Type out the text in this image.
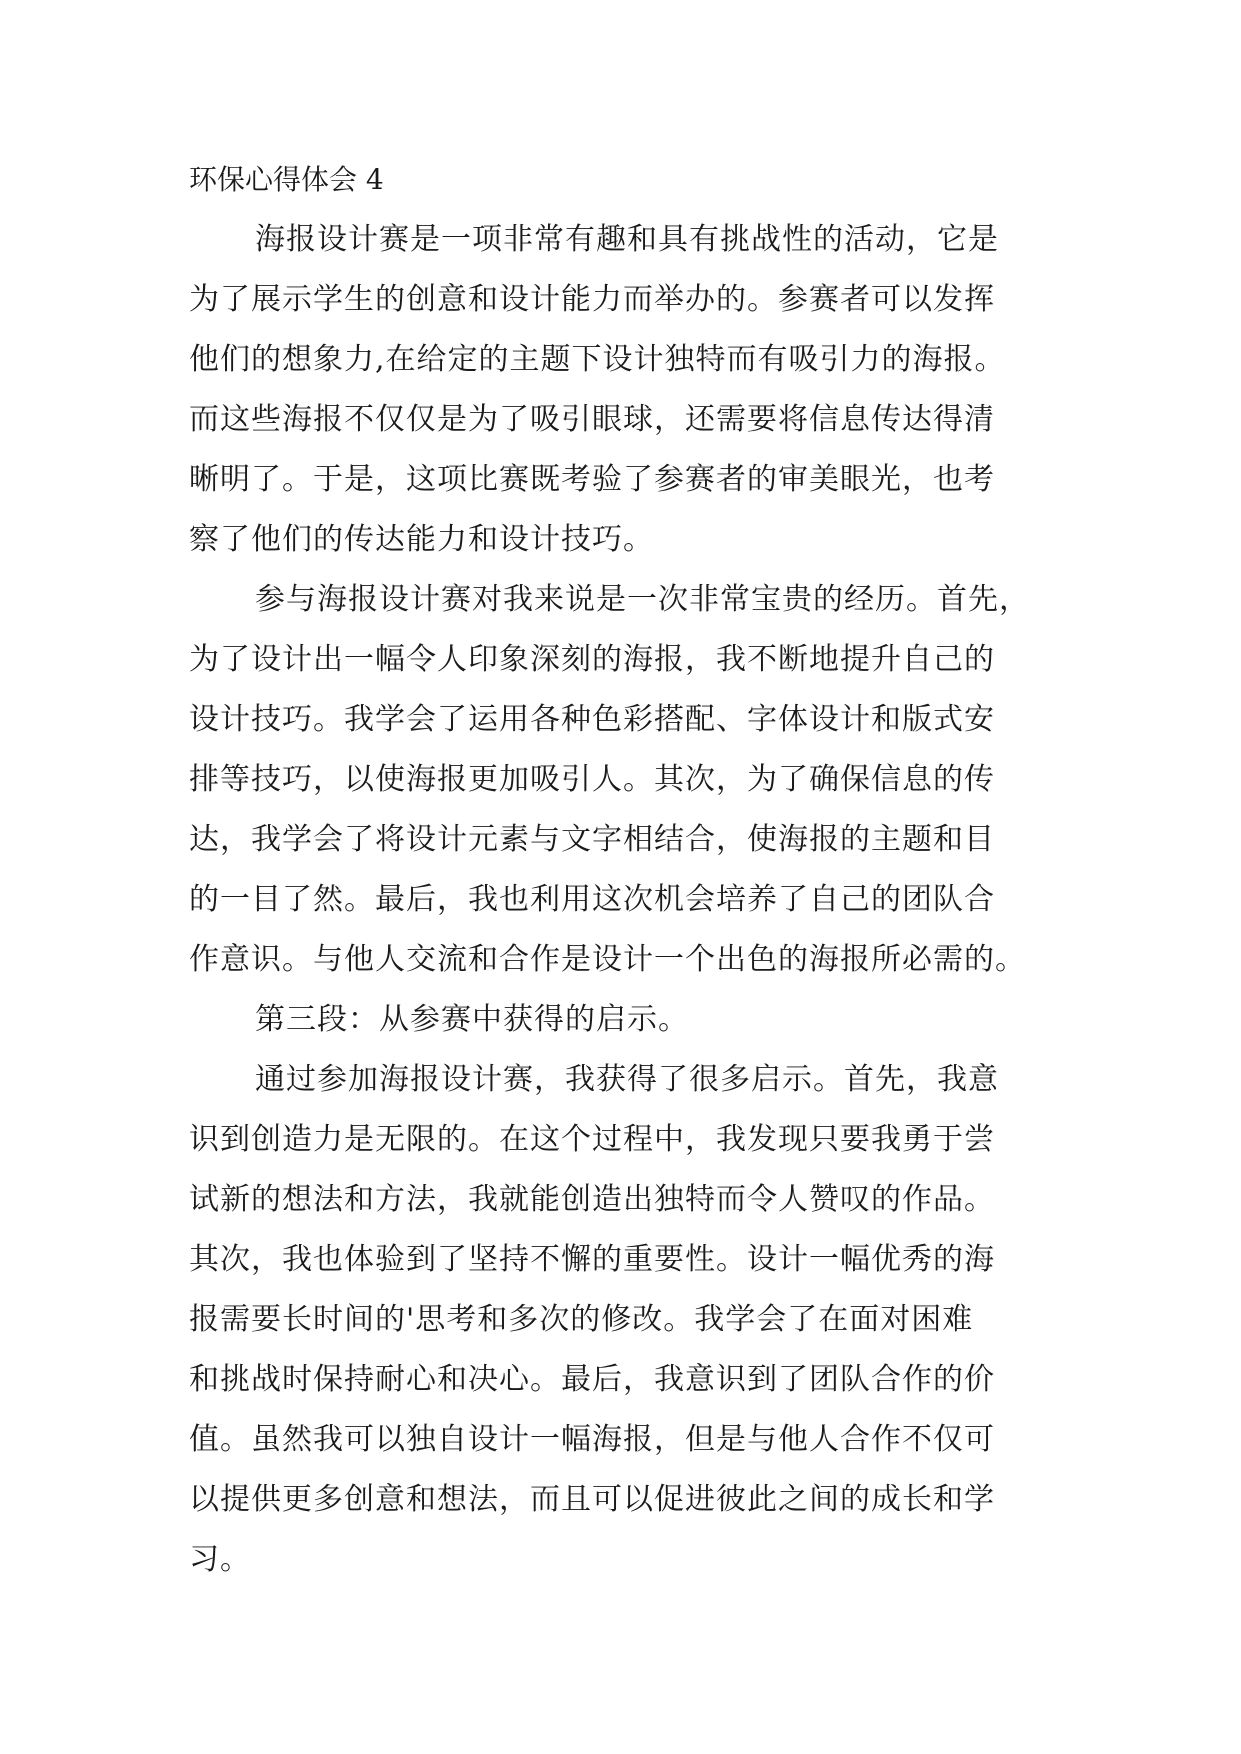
环保心得体会 4

海报设计赛是一项非常有趣和具有挑战性的活动，它是
为了展示学生的创意和设计能力而举办的。参赛者可以发挥
他们的想象力,在给定的主题下设计独特而有吸引力的海报。
而这些海报不仅仅是为了吸引眼球，还需要将信息传达得清
晰明了。于是，这项比赛既考验了参赛者的审美眼光，也考
察了他们的传达能力和设计技巧。

参与海报设计赛对我来说是一次非常宝贵的经历。首先，
为了设计出一幅令人印象深刻的海报，我不断地提升自己的
设计技巧。我学会了运用各种色彩搭配、字体设计和版式安
排等技巧，以使海报更加吸引人。其次，为了确保信息的传
达，我学会了将设计元素与文字相结合，使海报的主题和目
的一目了然。最后，我也利用这次机会培养了自己的团队合
作意识。与他人交流和合作是设计一个出色的海报所必需的。

第三段：从参赛中获得的启示。

通过参加海报设计赛，我获得了很多启示。首先，我意
识到创造力是无限的。在这个过程中，我发现只要我勇于尝
试新的想法和方法，我就能创造出独特而令人赞叹的作品。
其次，我也体验到了坚持不懈的重要性。设计一幅优秀的海
报需要长时间的'思考和多次的修改。我学会了在面对困难
和挑战时保持耐心和决心。最后，我意识到了团队合作的价
值。虽然我可以独自设计一幅海报，但是与他人合作不仅可
以提供更多创意和想法，而且可以促进彼此之间的成长和学
习。
